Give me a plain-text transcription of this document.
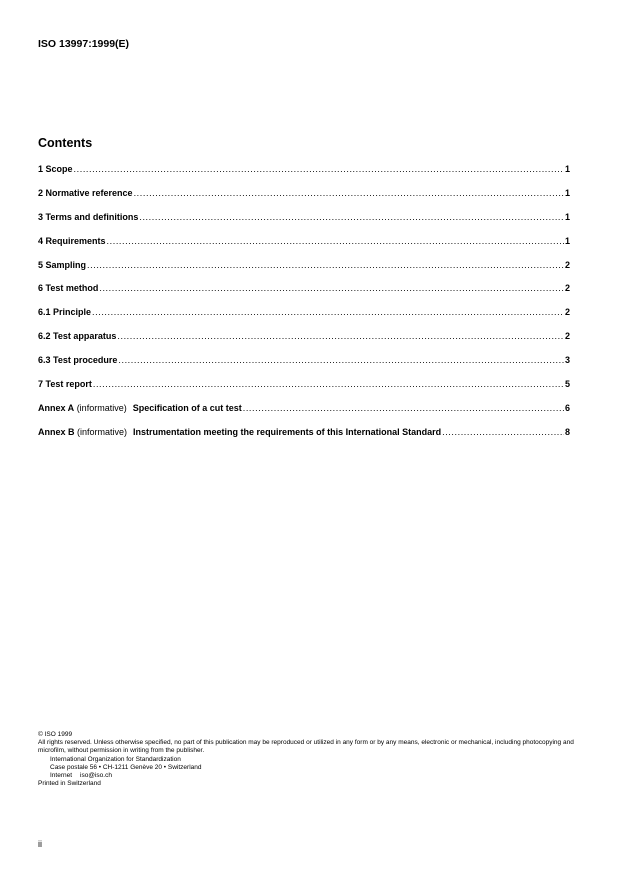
ISO 13997:1999(E)
Contents
1 Scope .....	1
2 Normative reference .....	1
3 Terms and definitions .....	1
4 Requirements .....	1
5 Sampling .....	2
6 Test method .....	2
6.1 Principle .....	2
6.2 Test apparatus .....	2
6.3 Test procedure .....	3
7 Test report .....	5
Annex A
(informative) Specification of a cut test .....	6
Annex B
(informative) Instrumentation meeting the requirements of this International Standard .....	8
© ISO 1999
All rights reserved. Unless otherwise specified, no part of this publication may be reproduced or utilized in any form or by any means, electronic or mechanical, including photocopying and microfilm, without permission in writing from the publisher.
International Organization for Standardization
Case postale 56 • CH-1211 Genève 20 • Switzerland
Internet iso@iso.ch
Printed in Switzerland
ii
